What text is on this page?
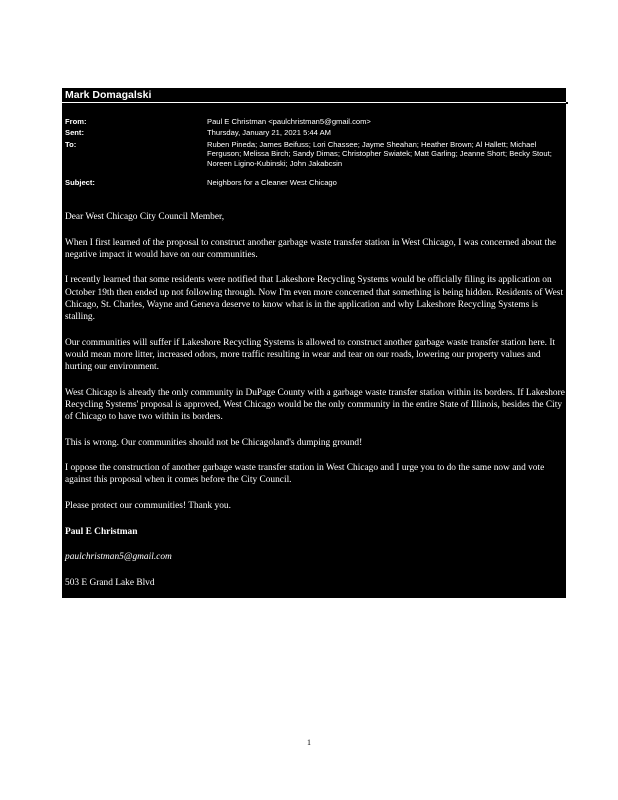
Mark Domagalski
From:	Paul E Christman <paulchristman5@gmail.com>
Sent:	Thursday, January 21, 2021 5:44 AM
To:	Ruben Pineda; James Beifuss; Lori Chassee; Jayme Sheahan; Heather Brown; Al Hallett; Michael Ferguson; Melissa Birch; Sandy Dimas; Christopher Swiatek; Matt Garling; Jeanne Short; Becky Stout; Noreen Ligino-Kubinski; John Jakabcsin
Subject:	Neighbors for a Cleaner West Chicago

Dear West Chicago City Council Member,

When I first learned of the proposal to construct another garbage waste transfer station in West Chicago, I was concerned about the negative impact it would have on our communities.

I recently learned that some residents were notified that Lakeshore Recycling Systems would be officially filing its application on October 19th then ended up not following through. Now I'm even more concerned that something is being hidden. Residents of West Chicago, St. Charles, Wayne and Geneva deserve to know what is in the application and why Lakeshore Recycling Systems is stalling.

Our communities will suffer if Lakeshore Recycling Systems is allowed to construct another garbage waste transfer station here. It would mean more litter, increased odors, more traffic resulting in wear and tear on our roads, lowering our property values and hurting our environment.

West Chicago is already the only community in DuPage County with a garbage waste transfer station within its borders. If Lakeshore Recycling Systems' proposal is approved, West Chicago would be the only community in the entire State of Illinois, besides the City of Chicago to have two within its borders.

This is wrong. Our communities should not be Chicagoland's dumping ground!

I oppose the construction of another garbage waste transfer station in West Chicago and I urge you to do the same now and vote against this proposal when it comes before the City Council.

Please protect our communities! Thank you.

Paul E Christman

paulchristman5@gmail.com

503 E Grand Lake Blvd

1
